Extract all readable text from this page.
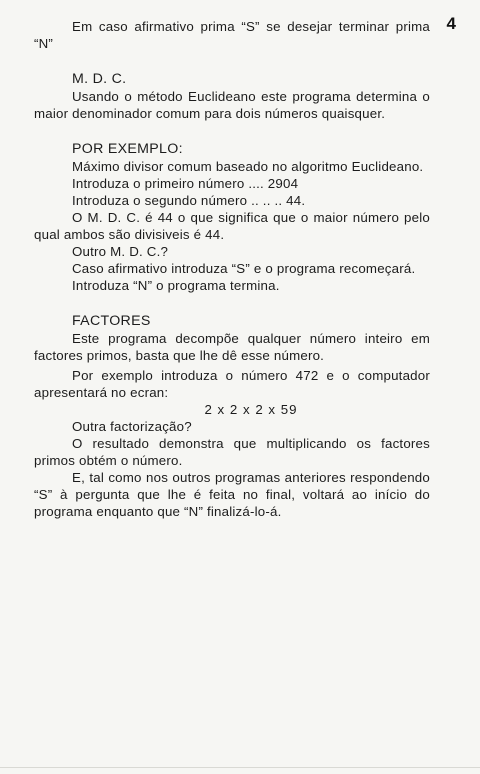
4

Em caso afirmativo prima “S” se desejar terminar prima “N”

M. D. C.

Usando o método Euclideano este programa determina o maior denominador comum para dois números quaisquer.

POR EXEMPLO:

Máximo divisor comum baseado no algoritmo Euclideano.

Introduza o primeiro número .... 2904

Introduza o segundo número .. .. .. 44.

O M. D. C. é 44 o que significa que o maior número pelo qual ambos são divisiveis é 44.

Outro M. D. C.?

Caso afirmativo introduza “S” e o programa recomeçará.

Introduza “N” o programa termina.

FACTORES

Este programa decompõe qualquer número inteiro em factores primos, basta que lhe dê esse número.

Por exemplo introduza o número 472 e o computador apresentará no ecran:

2 x 2 x 2 x 59

Outra factorização?

O resultado demonstra que multiplicando os factores primos obtém o número.

E, tal como nos outros programas anteriores respondendo “S” à pergunta que lhe é feita no final, voltará ao início do programa enquanto que “N” finalizá-lo-á.
